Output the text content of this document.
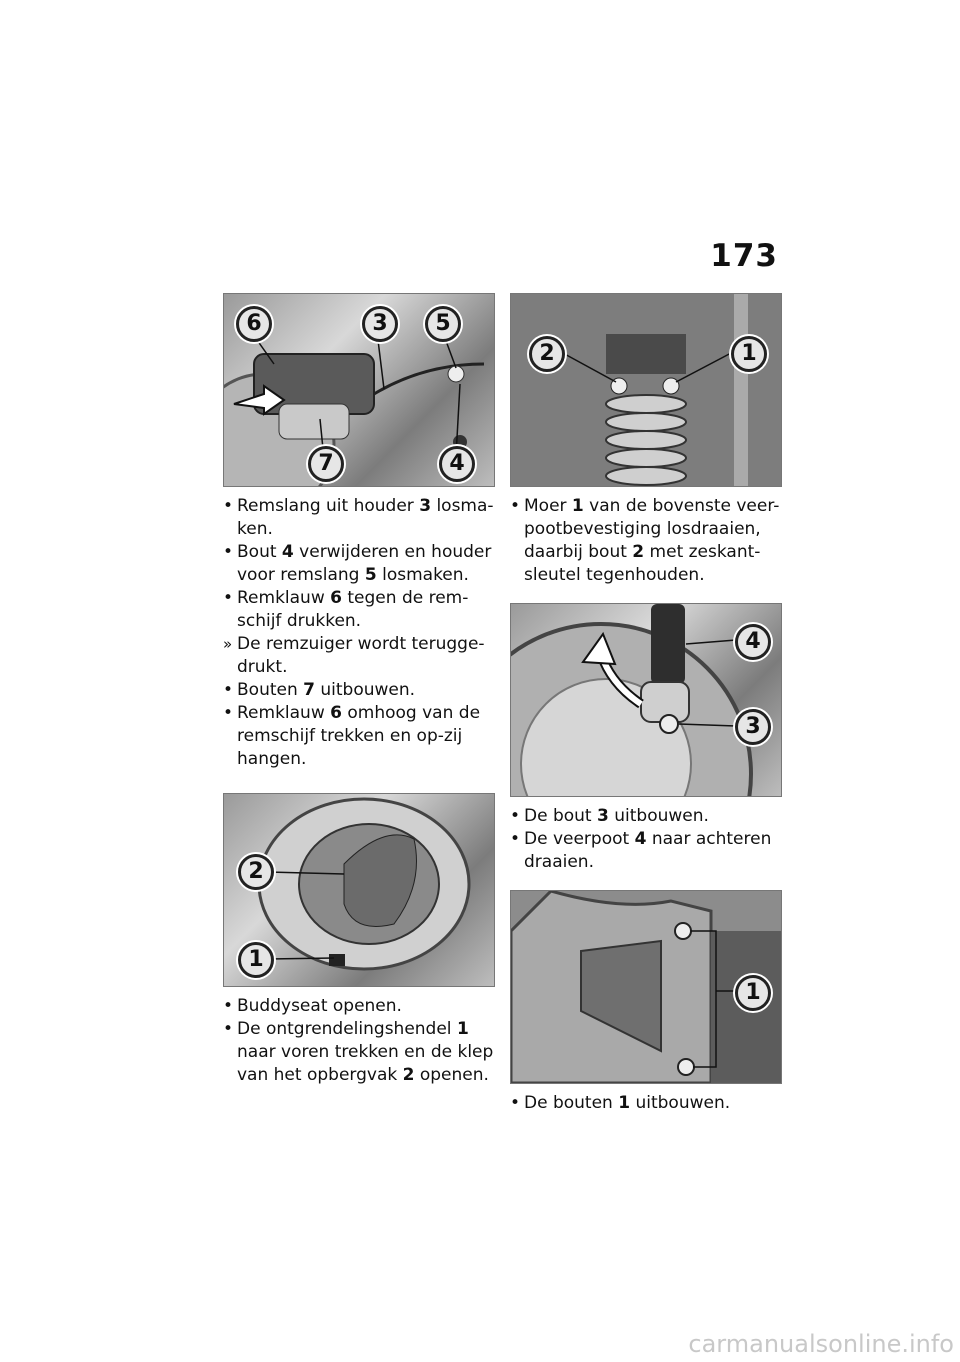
173
6	3	5
7	4
• Remslang uit houder 3 losma-ken.
• Bout 4 verwijderen en houder voor remslang 5 losmaken.
• Remklauw 6 tegen de rem-schijf drukken.
» De remzuiger wordt terugge-drukt.
• Bouten 7 uitbouwen.
• Remklauw 6 omhoog van de remschijf trekken en op-zij hangen.
2
1
• Buddyseat openen.
• De ontgrendelingshendel 1 naar voren trekken en de klep van het opbergvak 2 openen.
2	1
• Moer 1 van de bovenste veer-pootbevestiging losdraaien, daarbij bout 2 met zeskant-sleutel tegenhouden.
4
3
• De bout 3 uitbouwen.
• De veerpoot 4 naar achteren draaien.
1
• De bouten 1 uitbouwen.
carmanualsonline.info
